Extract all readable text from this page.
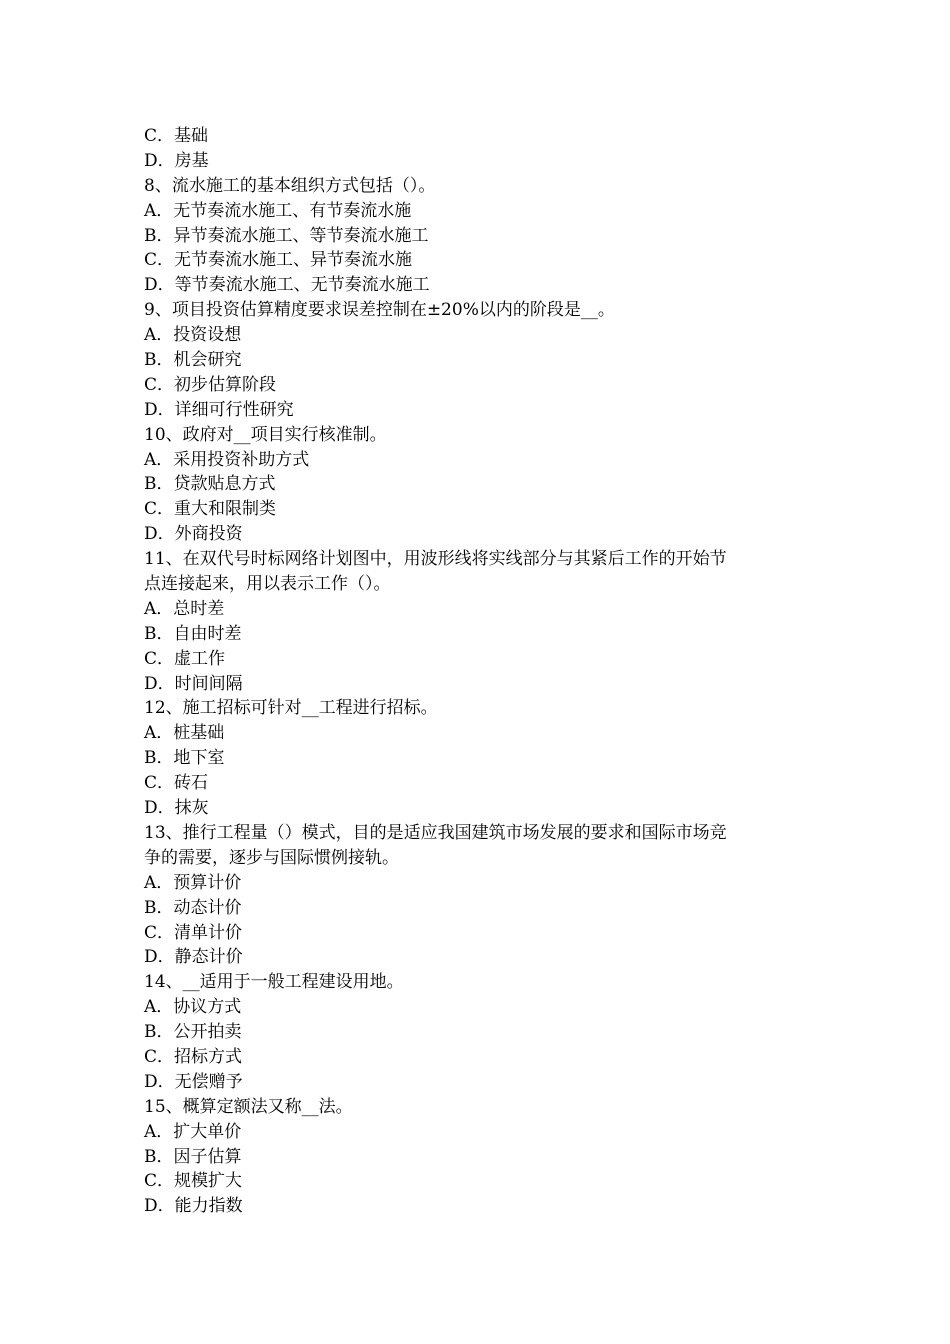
C．基础
D．房基
8、流水施工的基本组织方式包括（）。
A．无节奏流水施工、有节奏流水施
B．异节奏流水施工、等节奏流水施工
C．无节奏流水施工、异节奏流水施
D．等节奏流水施工、无节奏流水施工
9、项目投资估算精度要求误差控制在±20%以内的阶段是__。
A．投资设想
B．机会研究
C．初步估算阶段
D．详细可行性研究
10、政府对__项目实行核准制。
A．采用投资补助方式
B．贷款贴息方式
C．重大和限制类
D．外商投资
11、在双代号时标网络计划图中，用波形线将实线部分与其紧后工作的开始节
点连接起来，用以表示工作（）。
A．总时差
B．自由时差
C．虚工作
D．时间间隔
12、施工招标可针对__工程进行招标。
A．桩基础
B．地下室
C．砖石
D．抹灰
13、推行工程量（）模式，目的是适应我国建筑市场发展的要求和国际市场竞
争的需要，逐步与国际惯例接轨。
A．预算计价
B．动态计价
C．清单计价
D．静态计价
14、__适用于一般工程建设用地。
A．协议方式
B．公开拍卖
C．招标方式
D．无偿赠予
15、概算定额法又称__法。
A．扩大单价
B．因子估算
C．规模扩大
D．能力指数
